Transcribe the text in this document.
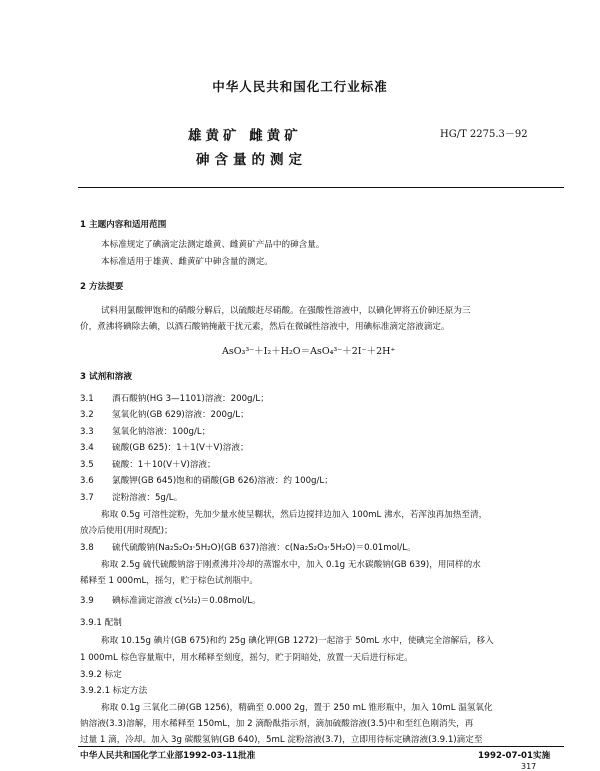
中华人民共和国化工行业标准
雄黄矿 雌黄矿
砷含量的测定
HG/T 2275.3－92
1 主题内容和适用范围
本标准规定了碘滴定法测定雄黄、雌黄矿产品中的砷含量。
本标准适用于雄黄、雌黄矿中砷含量的测定。
2 方法提要
试料用氯酸钾饱和的硝酸分解后，以硫酸赶尽硝酸。在强酸性溶液中，以碘化钾将五价砷还原为三
价，煮沸将碘除去碘，以酒石酸钠掩蔽干扰元素，然后在微碱性溶液中，用碘标准滴定溶液滴定。
AsO₃³⁻＋I₂＋H₂O＝AsO₄³⁻＋2I⁻＋2H⁺
3 试剂和溶液
3.1 酒石酸钠(HG 3—1101)溶液：200g/L；
3.2 氢氧化钠(GB 629)溶液：200g/L；
3.3 氢氧化钠溶液：100g/L；
3.4 硫酸(GB 625)：1＋1(V＋V)溶液；
3.5 硫酸：1＋10(V＋V)溶液；
3.6 氯酸钾(GB 645)饱和的硝酸(GB 626)溶液：约 100g/L；
3.7 淀粉溶液：5g/L。
称取 0.5g 可溶性淀粉，先加少量水使呈糊状，然后边搅拌边加入 100mL 沸水，若浑浊再加热至清，
放冷后使用(用时现配)；
3.8 硫代硫酸钠(Na₂S₂O₃·5H₂O)(GB 637)溶液：c(Na₂S₂O₃·5H₂O)＝0.01mol/L。
称取 2.5g 硫代硫酸钠溶于刚煮沸并冷却的蒸馏水中，加入 0.1g 无水碳酸钠(GB 639)，用同样的水
稀释至 1 000mL，摇匀，贮于棕色试剂瓶中。
3.9 碘标准滴定溶液 c(½I₂)＝0.08mol/L。
3.9.1 配制
称取 10.15g 碘片(GB 675)和约 25g 碘化钾(GB 1272)一起溶于 50mL 水中，使碘完全溶解后，移入
1 000mL 棕色容量瓶中，用水稀释至刻度，摇匀，贮于阴暗处，放置一天后进行标定。
3.9.2 标定
3.9.2.1 标定方法
称取 0.1g 三氧化二砷(GB 1256)，精确至 0.000 2g，置于 250 mL 锥形瓶中，加入 10mL 温氢氧化
钠溶液(3.3)溶解，用水稀释至 150mL，加 2 滴酚酞指示剂，滴加硫酸溶液(3.5)中和至红色刚消失，再
过量 1 滴，冷却。加入 3g 碳酸氢钠(GB 640)，5mL 淀粉溶液(3.7)，立即用待标定碘溶液(3.9.1)滴定至
中华人民共和国化学工业部1992-03-11批准	1992-07-01实施
317
